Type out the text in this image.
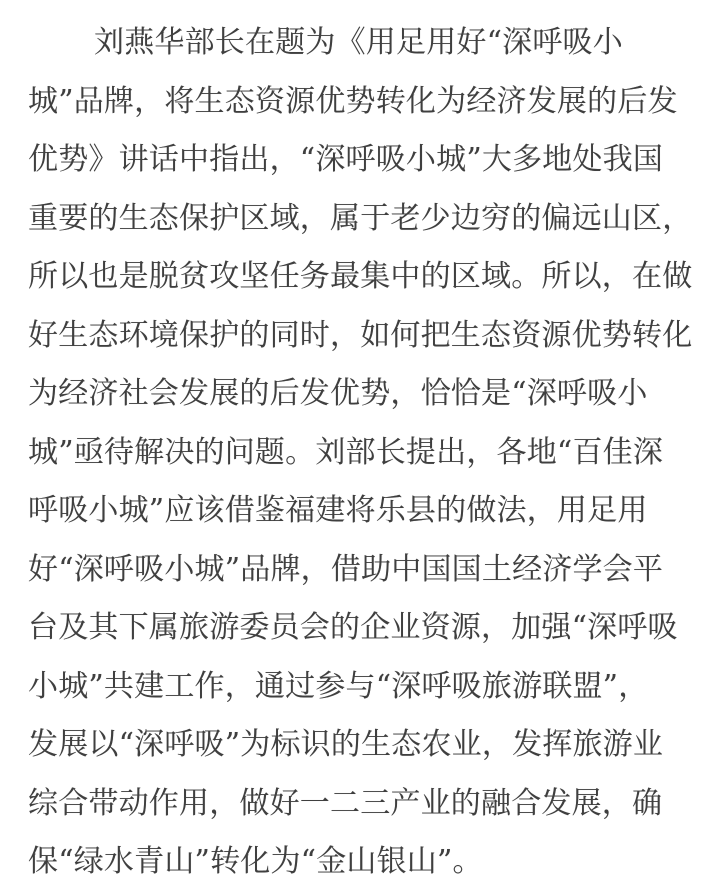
刘燕华部长在题为《用足用好“深呼吸小
城”品牌，将生态资源优势转化为经济发展的后发
优势》讲话中指出，“深呼吸小城”大多地处我国
重要的生态保护区域，属于老少边穷的偏远山区，
所以也是脱贫攻坚任务最集中的区域。所以，在做
好生态环境保护的同时，如何把生态资源优势转化
为经济社会发展的后发优势，恰恰是“深呼吸小
城”亟待解决的问题。刘部长提出，各地“百佳深
呼吸小城”应该借鉴福建将乐县的做法，用足用
好“深呼吸小城”品牌，借助中国国土经济学会平
台及其下属旅游委员会的企业资源，加强“深呼吸
小城”共建工作，通过参与“深呼吸旅游联盟”，
发展以“深呼吸”为标识的生态农业，发挥旅游业
综合带动作用，做好一二三产业的融合发展，确
保“绿水青山”转化为“金山银山”。
